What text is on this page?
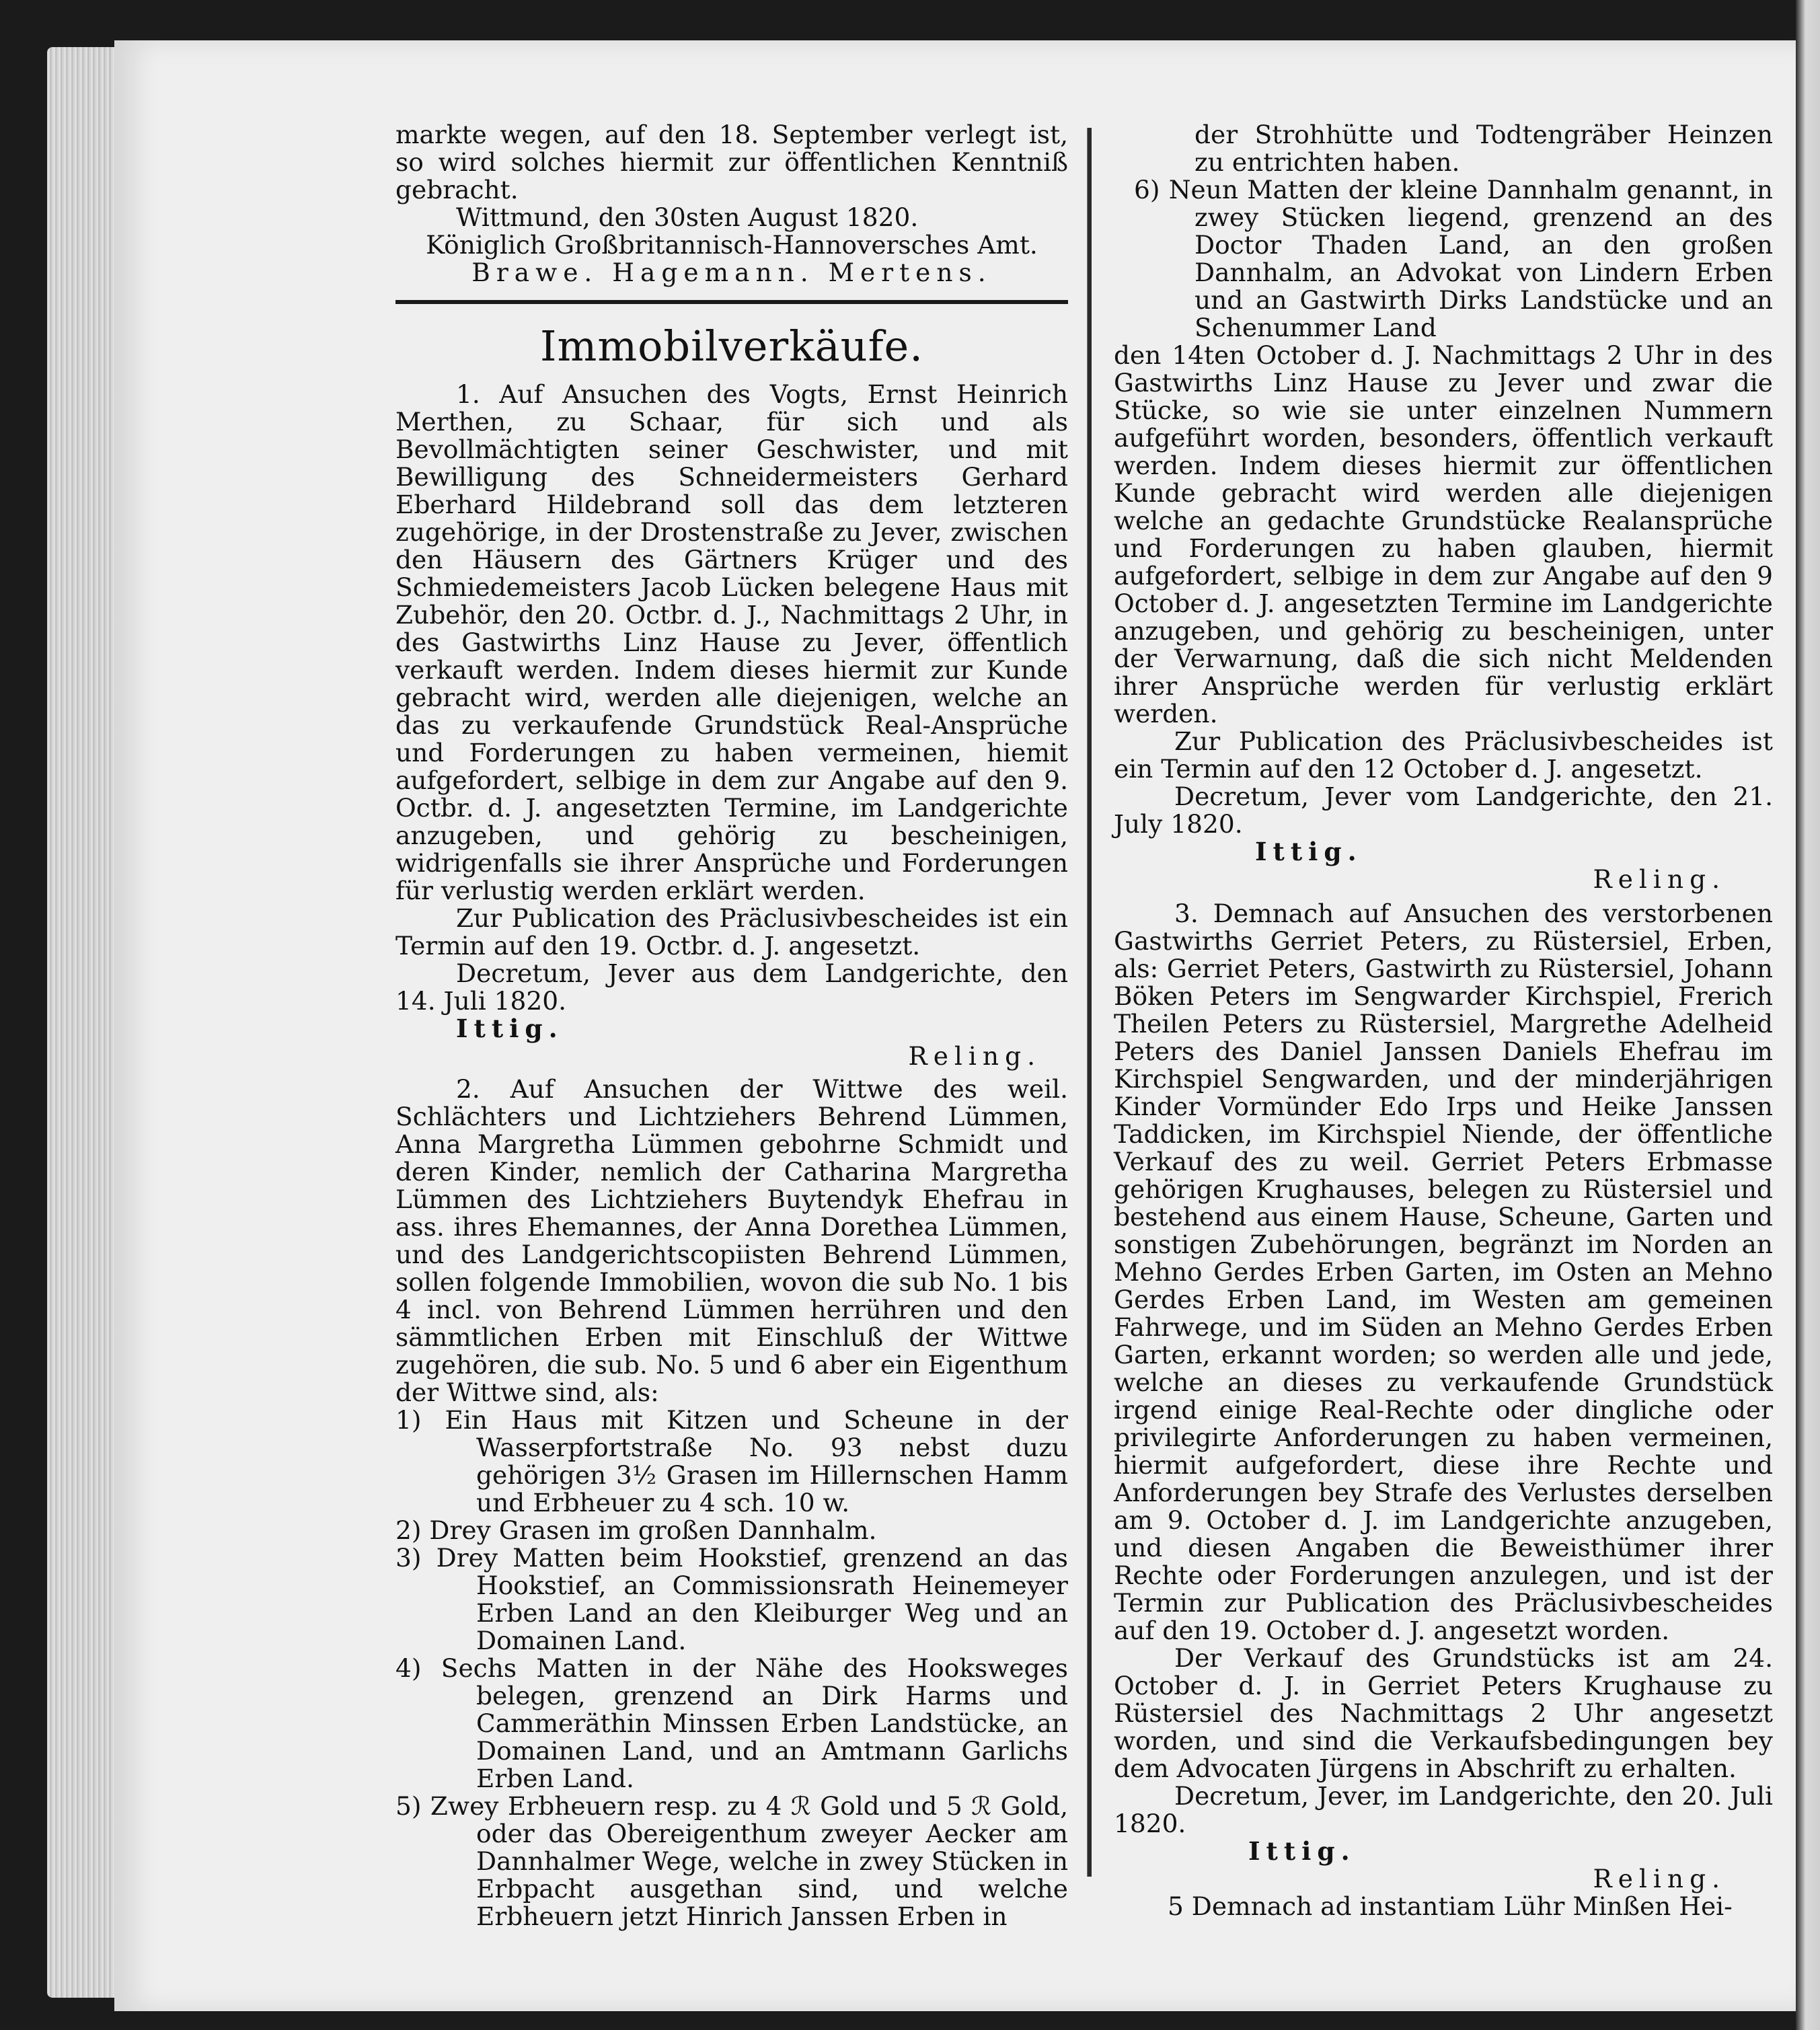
markte wegen, auf den 18. September verlegt ist, so wird solches hiermit zur öffentlichen Kenntniß gebracht.

Wittmund, den 30sten August 1820.

Königlich Großbritannisch-Hannoversches Amt.

Brawe. Hagemann. Mertens.

Immobilverkäufe.

1. Auf Ansuchen des Vogts, Ernst Heinrich Merthen, zu Schaar, für sich und als Bevollmächtigten seiner Geschwister, und mit Bewilligung des Schneidermeisters Gerhard Eberhard Hildebrand soll das dem letzteren zugehörige, in der Drostenstraße zu Jever, zwischen den Häusern des Gärtners Krüger und des Schmiedemeisters Jacob Lücken belegene Haus mit Zubehör, den 20. Octbr. d. J., Nachmittags 2 Uhr, in des Gastwirths Linz Hause zu Jever, öffentlich verkauft werden. Indem dieses hiermit zur Kunde gebracht wird, werden alle diejenigen, welche an das zu verkaufende Grundstück Real-Ansprüche und Forderungen zu haben vermeinen, hiemit aufgefordert, selbige in dem zur Angabe auf den 9. Octbr. d. J. angesetzten Termine, im Landgerichte anzugeben, und gehörig zu bescheinigen, widrigenfalls sie ihrer Ansprüche und Forderungen für verlustig werden erklärt werden.

Zur Publication des Präclusivbescheides ist ein Termin auf den 19. Octbr. d. J. angesetzt.

Decretum, Jever aus dem Landgerichte, den 14. Juli 1820.

Ittig.

Reling.

2. Auf Ansuchen der Wittwe des weil. Schlächters und Lichtziehers Behrend Lümmen, Anna Margretha Lümmen gebohrne Schmidt und deren Kinder, nemlich der Catharina Margretha Lümmen des Lichtziehers Buytendyk Ehefrau in ass. ihres Ehemannes, der Anna Dorethea Lümmen, und des Landgerichtscopiisten Behrend Lümmen, sollen folgende Immobilien, wovon die sub No. 1 bis 4 incl. von Behrend Lümmen herrühren und den sämmtlichen Erben mit Einschluß der Wittwe zugehören, die sub. No. 5 und 6 aber ein Eigenthum der Wittwe sind, als:

1) Ein Haus mit Kitzen und Scheune in der Wasserpfortstraße No. 93 nebst duzu gehörigen 3½ Grasen im Hillernschen Hamm und Erbheuer zu 4 sch. 10 w.

2) Drey Grasen im großen Dannhalm.

3) Drey Matten beim Hookstief, grenzend an das Hookstief, an Commissionsrath Heinemeyer Erben Land an den Kleiburger Weg und an Domainen Land.

4) Sechs Matten in der Nähe des Hooksweges belegen, grenzend an Dirk Harms und Cammeräthin Minssen Erben Landstücke, an Domainen Land, und an Amtmann Garlichs Erben Land.

5) Zwey Erbheuern resp. zu 4 ℛ Gold und 5 ℛ Gold, oder das Obereigenthum zweyer Aecker am Dannhalmer Wege, welche in zwey Stücken in Erbpacht ausgethan sind, und welche Erbheuern jetzt Hinrich Janssen Erben in

der Strohhütte und Todtengräber Heinzen zu entrichten haben.

6) Neun Matten der kleine Dannhalm genannt, in zwey Stücken liegend, grenzend an des Doctor Thaden Land, an den großen Dannhalm, an Advokat von Lindern Erben und an Gastwirth Dirks Landstücke und an Schenummer Land

den 14ten October d. J. Nachmittags 2 Uhr in des Gastwirths Linz Hause zu Jever und zwar die Stücke, so wie sie unter einzelnen Nummern aufgeführt worden, besonders, öffentlich verkauft werden. Indem dieses hiermit zur öffentlichen Kunde gebracht wird werden alle diejenigen welche an gedachte Grundstücke Realansprüche und Forderungen zu haben glauben, hiermit aufgefordert, selbige in dem zur Angabe auf den 9 October d. J. angesetzten Termine im Landgerichte anzugeben, und gehörig zu bescheinigen, unter der Verwarnung, daß die sich nicht Meldenden ihrer Ansprüche werden für verlustig erklärt werden.

Zur Publication des Präclusivbescheides ist ein Termin auf den 12 October d. J. angesetzt.

Decretum, Jever vom Landgerichte, den 21. July 1820.

Ittig.

Reling.

3. Demnach auf Ansuchen des verstorbenen Gastwirths Gerriet Peters, zu Rüstersiel, Erben, als: Gerriet Peters, Gastwirth zu Rüstersiel, Johann Böken Peters im Sengwarder Kirchspiel, Frerich Theilen Peters zu Rüstersiel, Margrethe Adelheid Peters des Daniel Janssen Daniels Ehefrau im Kirchspiel Sengwarden, und der minderjährigen Kinder Vormünder Edo Irps und Heike Janssen Taddicken, im Kirchspiel Niende, der öffentliche Verkauf des zu weil. Gerriet Peters Erbmasse gehörigen Krughauses, belegen zu Rüstersiel und bestehend aus einem Hause, Scheune, Garten und sonstigen Zubehörungen, begränzt im Norden an Mehno Gerdes Erben Garten, im Osten an Mehno Gerdes Erben Land, im Westen am gemeinen Fahrwege, und im Süden an Mehno Gerdes Erben Garten, erkannt worden; so werden alle und jede, welche an dieses zu verkaufende Grundstück irgend einige Real-Rechte oder dingliche oder privilegirte Anforderungen zu haben vermeinen, hiermit aufgefordert, diese ihre Rechte und Anforderungen bey Strafe des Verlustes derselben am 9. October d. J. im Landgerichte anzugeben, und diesen Angaben die Beweisthümer ihrer Rechte oder Forderungen anzulegen, und ist der Termin zur Publication des Präclusivbescheides auf den 19. October d. J. angesetzt worden.

Der Verkauf des Grundstücks ist am 24. October d. J. in Gerriet Peters Krughause zu Rüstersiel des Nachmittags 2 Uhr angesetzt worden, und sind die Verkaufsbedingungen bey dem Advocaten Jürgens in Abschrift zu erhalten.

Decretum, Jever, im Landgerichte, den 20. Juli 1820.

Ittig.

Reling.

5 Demnach ad instantiam Lühr Minßen Hei-
